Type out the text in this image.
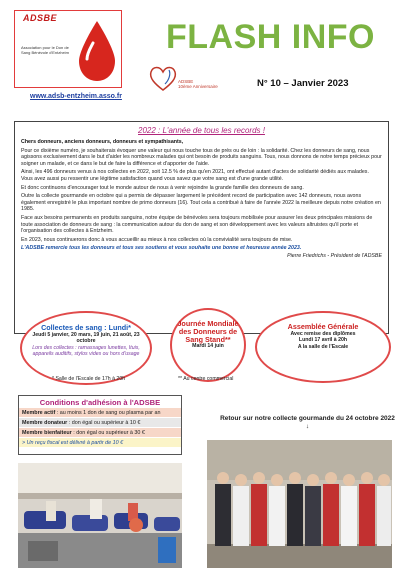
ADSBE
Association pour le Don de Sang Bénévole d'Entzheim
www.adsb-entzheim.asso.fr
FLASH INFO
ADSBE
10ème Anniversaire	N° 10 – Janvier 2023
2022 : L'année de tous les records !
Chers donneurs, anciens donneurs, donneurs et sympathisants,
Pour ce dixième numéro, je souhaiterais évoquer une valeur qui nous touche tous de près ou de loin : la solidarité. Chez les donneurs de sang, nous agissons exclusivement dans le but d'aider les nombreux malades qui ont besoin de produits sanguins. Tous, nous donnons de notre temps précieux pour soigner un malade, et ce dans le but de faire la différence et d'apporter de l'aide.
Ainsi, les 496 donneurs venus à nos collectes en 2022, soit 12.5 % de plus qu'en 2021, ont effectué autant d'actes de solidarité dédiés aux malades. Vous avez aussi pu ressentir une légitime satisfaction quand vous savez que votre sang est d'une grande utilité.
Et donc continuons d'encourager tout le monde autour de nous à venir rejoindre la grande famille des donneurs de sang.
Outre la collecte gourmande en octobre qui a permis de dépasser largement le précédent record de participation avec 142 donneurs, nous avons également enregistré le plus important nombre de primo donneurs (16). Tout cela a contribué à faire de l'année 2022 la meilleure depuis notre création en 1985.
Face aux besoins permanents en produits sanguins, notre équipe de bénévoles sera toujours mobilisée pour assurer les deux principales missions de toute association de donneurs de sang : la communication autour du don de sang et son développement avec les valeurs altruistes qu'il porte et l'organisation des collectes à Entzheim.
En 2023, nous continuerons donc à vous accueillir au mieux à nos collectes où la convivialité sera toujours de mise.
L'ADSBE remercie tous les donneurs et tous ses soutiens et vous souhaite une bonne et heureuse année 2023.
Pierre Friedrichs - Président de l'ADSBE
Collectes de sang : Lundi*
Jeudi 5 janvier, 20 mars, 19 juin, 21 août, 23 octobre
Lors des collectes : ramassages lunettes, Ituis, appareils auditifs, stylos vides ou hors d'usage
Journée Mondiale des Donneurs de Sang Stand**
Mardi 14 juin
Assemblée Générale
Avec remise des diplômes
Lundi 17 avril à 20h
A la salle de l'Escale
* Salle de l'Escale de 17h à 20h	** Au centre commercial
Conditions d'adhésion à l'ADSBE
Membre actif : au moins 1 don de sang ou plasma par an
Membre donateur : don égal ou supérieur à 10 €
Membre bienfaiteur : don égal ou supérieur à 30 €
> Un reçu fiscal est délivré à partir de 10 €
Retour sur notre collecte gourmande du 24 octobre 2022 ↓
